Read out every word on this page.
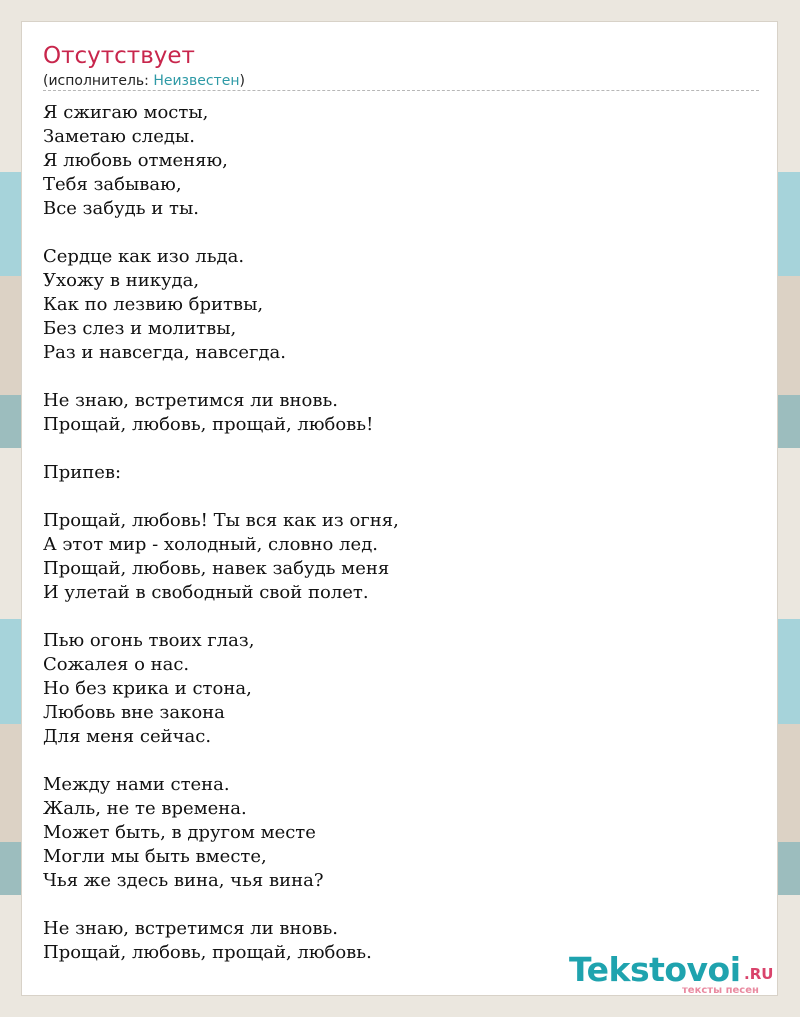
Отсутствует
(исполнитель: Неизвестен)
Я сжигаю мосты,
Заметаю следы.
Я любовь отменяю,
Тебя забываю,
Все забудь и ты.
Сердце как изо льда.
Ухожу в никуда,
Как по лезвию бритвы,
Без слез и молитвы,
Раз и навсегда, навсегда.
Не знаю, встретимся ли вновь.
Прощай, любовь, прощай, любовь!
Припев:
Прощай, любовь! Ты вся как из огня,
А этот мир - холодный, словно лед.
Прощай, любовь, навек забудь меня
И улетай в свободный свой полет.
Пью огонь твоих глаз,
Сожалея о нас.
Но без крика и стона,
Любовь вне закона
Для меня сейчас.
Между нами стена.
Жаль, не те времена.
Может быть, в другом месте
Могли мы быть вместе,
Чья же здесь вина, чья вина?
Не знаю, встретимся ли вновь.
Прощай, любовь, прощай, любовь.	Tekstovoi .RU
тексты песен
